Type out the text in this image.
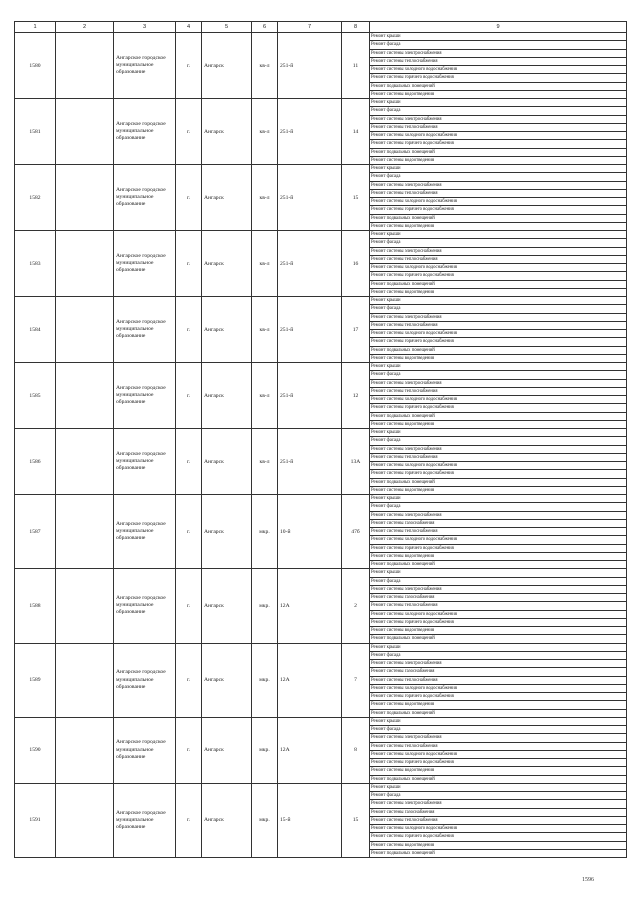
1	2	3	4	5	6	7	8	9
1580		Ангарское городское муниципальное образование	г.	Ангарск	кв-л	251-й	11	Ремонт крыши
								Ремонт фасада
								Ремонт системы электроснабжения
								Ремонт системы теплоснабжения
								Ремонт системы холодного водоснабжения
								Ремонт системы горячего водоснабжения
								Ремонт подвальных помещений
								Ремонт системы водоотведения
1581		Ангарское городское муниципальное образование	г.	Ангарск	кв-л	251-й	14	Ремонт крыши
								Ремонт фасада
								Ремонт системы электроснабжения
								Ремонт системы теплоснабжения
								Ремонт системы холодного водоснабжения
								Ремонт системы горячего водоснабжения
								Ремонт подвальных помещений
								Ремонт системы водоотведения
1582		Ангарское городское муниципальное образование	г.	Ангарск	кв-л	251-й	15	Ремонт крыши
								Ремонт фасада
								Ремонт системы электроснабжения
								Ремонт системы теплоснабжения
								Ремонт системы холодного водоснабжения
								Ремонт системы горячего водоснабжения
								Ремонт подвальных помещений
								Ремонт системы водоотведения
1583		Ангарское городское муниципальное образование	г.	Ангарск	кв-л	251-й	16	Ремонт крыши
								Ремонт фасада
								Ремонт системы электроснабжения
								Ремонт системы теплоснабжения
								Ремонт системы холодного водоснабжения
								Ремонт системы горячего водоснабжения
								Ремонт подвальных помещений
								Ремонт системы водоотведения
1584		Ангарское городское муниципальное образование	г.	Ангарск	кв-л	251-й	17	Ремонт крыши
								Ремонт фасада
								Ремонт системы электроснабжения
								Ремонт системы теплоснабжения
								Ремонт системы холодного водоснабжения
								Ремонт системы горячего водоснабжения
								Ремонт подвальных помещений
								Ремонт системы водоотведения
1585		Ангарское городское муниципальное образование	г.	Ангарск	кв-л	251-й	12	Ремонт крыши
								Ремонт фасада
								Ремонт системы электроснабжения
								Ремонт системы теплоснабжения
								Ремонт системы холодного водоснабжения
								Ремонт системы горячего водоснабжения
								Ремонт подвальных помещений
								Ремонт системы водоотведения
1586		Ангарское городское муниципальное образование	г.	Ангарск	кв-л	251-й	13А	Ремонт крыши
								Ремонт фасада
								Ремонт системы электроснабжения
								Ремонт системы теплоснабжения
								Ремонт системы холодного водоснабжения
								Ремонт системы горячего водоснабжения
								Ремонт подвальных помещений
								Ремонт системы водоотведения
1587		Ангарское городское муниципальное образование	г.	Ангарск	мкр.	10-й	47б	Ремонт крыши
								Ремонт фасада
								Ремонт системы электроснабжения
								Ремонт системы газоснабжения
								Ремонт системы теплоснабжения
								Ремонт системы холодного водоснабжения
								Ремонт системы горячего водоснабжения
								Ремонт системы водоотведения
								Ремонт подвальных помещений
1588		Ангарское городское муниципальное образование	г.	Ангарск	мкр.	12А	2	Ремонт крыши
								Ремонт фасада
								Ремонт системы электроснабжения
								Ремонт системы газоснабжения
								Ремонт системы теплоснабжения
								Ремонт системы холодного водоснабжения
								Ремонт системы горячего водоснабжения
								Ремонт системы водоотведения
								Ремонт подвальных помещений
1589		Ангарское городское муниципальное образование	г.	Ангарск	мкр.	12А	7	Ремонт крыши
								Ремонт фасада
								Ремонт системы электроснабжения
								Ремонт системы газоснабжения
								Ремонт системы теплоснабжения
								Ремонт системы холодного водоснабжения
								Ремонт системы горячего водоснабжения
								Ремонт системы водоотведения
								Ремонт подвальных помещений
1590		Ангарское городское муниципальное образование	г.	Ангарск	мкр.	12А	8	Ремонт крыши
								Ремонт фасада
								Ремонт системы электроснабжения
								Ремонт системы теплоснабжения
								Ремонт системы холодного водоснабжения
								Ремонт системы горячего водоснабжения
								Ремонт системы водоотведения
								Ремонт подвальных помещений
1591		Ангарское городское муниципальное образование	г.	Ангарск	мкр.	15-й	15	Ремонт крыши
								Ремонт фасада
								Ремонт системы электроснабжения
								Ремонт системы газоснабжения
								Ремонт системы теплоснабжения
								Ремонт системы холодного водоснабжения
								Ремонт системы горячего водоснабжения
								Ремонт системы водоотведения
								Ремонт подвальных помещений
1596
